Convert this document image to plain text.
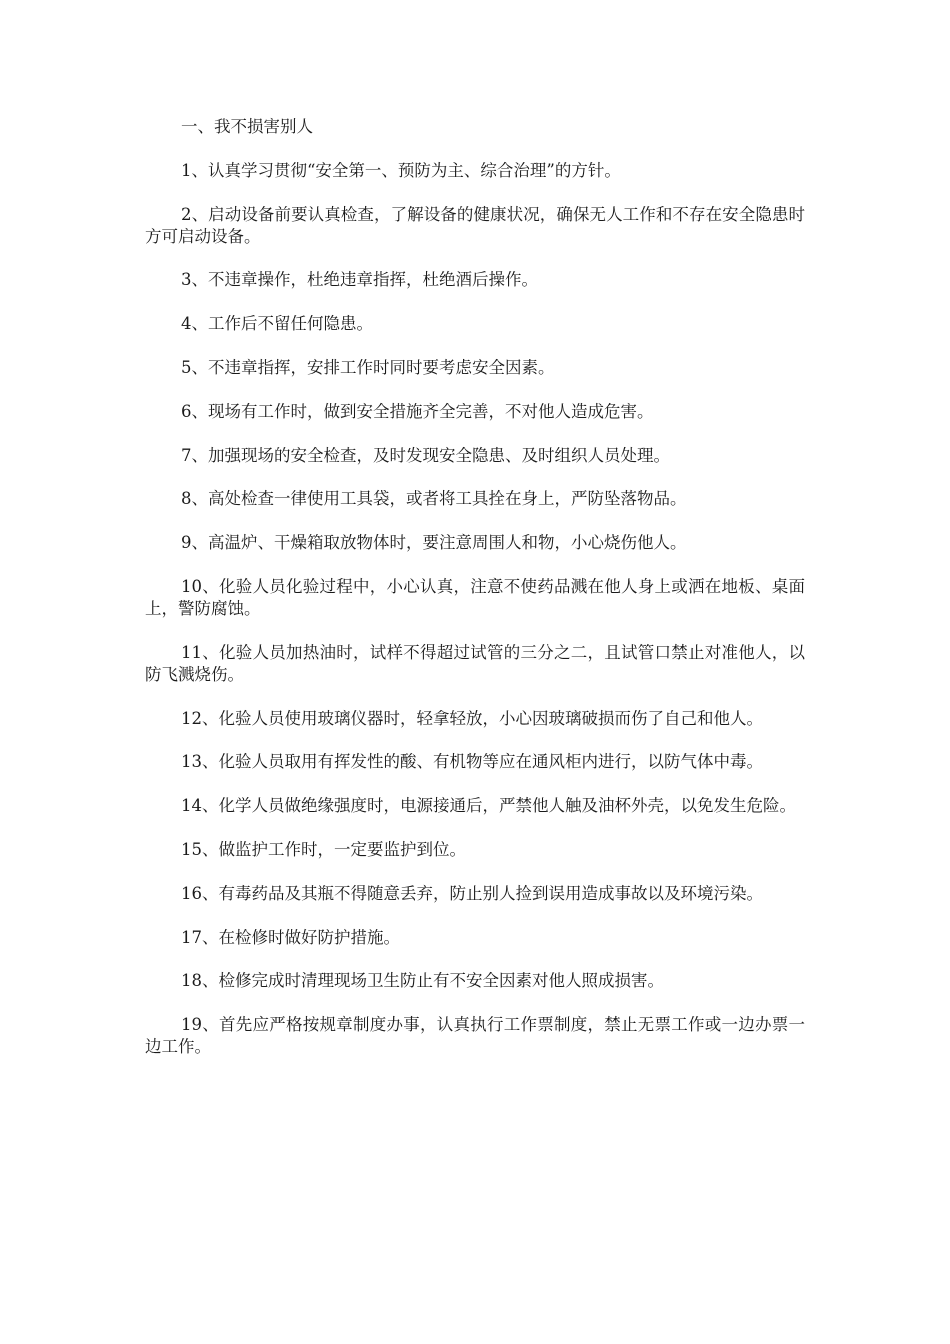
一、我不损害别人

1、认真学习贯彻“安全第一、预防为主、综合治理”的方针。

2、启动设备前要认真检查，了解设备的健康状况，确保无人工作和不存在安全隐患时方可启动设备。

3、不违章操作，杜绝违章指挥，杜绝酒后操作。

4、工作后不留任何隐患。

5、不违章指挥，安排工作时同时要考虑安全因素。

6、现场有工作时，做到安全措施齐全完善，不对他人造成危害。

7、加强现场的安全检查，及时发现安全隐患、及时组织人员处理。

8、高处检查一律使用工具袋，或者将工具拴在身上，严防坠落物品。

9、高温炉、干燥箱取放物体时，要注意周围人和物，小心烧伤他人。

10、化验人员化验过程中，小心认真，注意不使药品溅在他人身上或洒在地板、桌面上，警防腐蚀。

11、化验人员加热油时，试样不得超过试管的三分之二，且试管口禁止对准他人，以防飞溅烧伤。

12、化验人员使用玻璃仪器时，轻拿轻放，小心因玻璃破损而伤了自己和他人。

13、化验人员取用有挥发性的酸、有机物等应在通风柜内进行，以防气体中毒。

14、化学人员做绝缘强度时，电源接通后，严禁他人触及油杯外壳，以免发生危险。

15、做监护工作时，一定要监护到位。

16、有毒药品及其瓶不得随意丢弃，防止别人捡到误用造成事故以及环境污染。

17、在检修时做好防护措施。

18、检修完成时清理现场卫生防止有不安全因素对他人照成损害。

19、首先应严格按规章制度办事，认真执行工作票制度，禁止无票工作或一边办票一边工作。
